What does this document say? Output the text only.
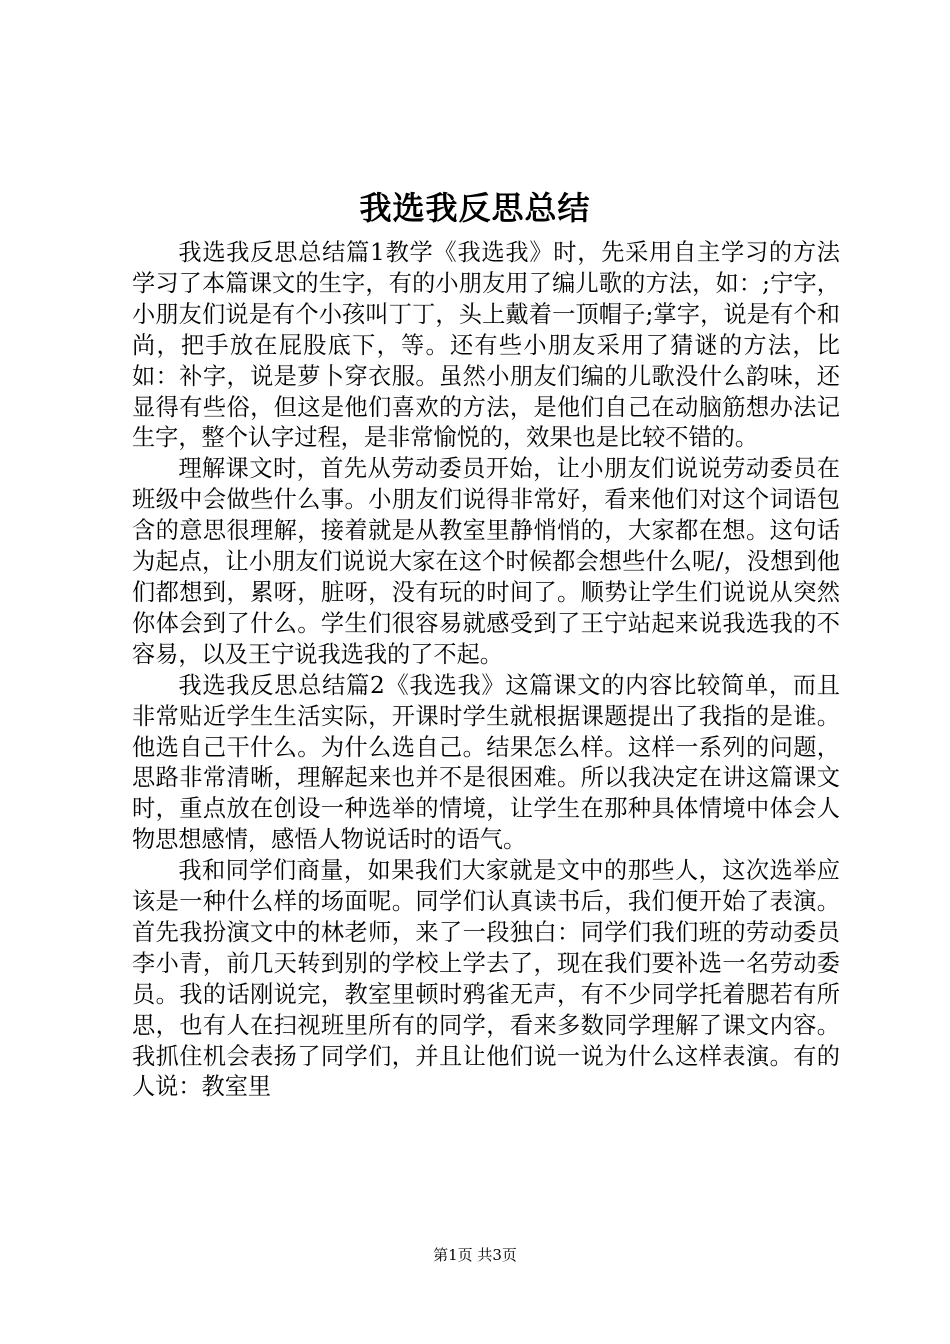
我选我反思总结

我选我反思总结篇1教学《我选我》时，先采用自主学习的方法学习了本篇课文的生字，有的小朋友用了编儿歌的方法，如：;宁字，小朋友们说是有个小孩叫丁丁，头上戴着一顶帽子;掌字，说是有个和尚，把手放在屁股底下，等。还有些小朋友采用了猜谜的方法，比如：补字，说是萝卜穿衣服。虽然小朋友们编的儿歌没什么韵味，还显得有些俗，但这是他们喜欢的方法，是他们自己在动脑筋想办法记生字，整个认字过程，是非常愉悦的，效果也是比较不错的。

理解课文时，首先从劳动委员开始，让小朋友们说说劳动委员在班级中会做些什么事。小朋友们说得非常好，看来他们对这个词语包含的意思很理解，接着就是从教室里静悄悄的，大家都在想。这句话为起点，让小朋友们说说大家在这个时候都会想些什么呢/，没想到他们都想到，累呀，脏呀，没有玩的时间了。顺势让学生们说说从突然你体会到了什么。学生们很容易就感受到了王宁站起来说我选我的不容易，以及王宁说我选我的了不起。

我选我反思总结篇2《我选我》这篇课文的内容比较简单，而且非常贴近学生生活实际，开课时学生就根据课题提出了我指的是谁。他选自己干什么。为什么选自己。结果怎么样。这样一系列的问题，思路非常清晰，理解起来也并不是很困难。所以我决定在讲这篇课文时，重点放在创设一种选举的情境，让学生在那种具体情境中体会人物思想感情，感悟人物说话时的语气。

我和同学们商量，如果我们大家就是文中的那些人，这次选举应该是一种什么样的场面呢。同学们认真读书后，我们便开始了表演。首先我扮演文中的林老师，来了一段独白：同学们我们班的劳动委员李小青，前几天转到别的学校上学去了，现在我们要补选一名劳动委员。我的话刚说完，教室里顿时鸦雀无声，有不少同学托着腮若有所思，也有人在扫视班里所有的同学，看来多数同学理解了课文内容。我抓住机会表扬了同学们，并且让他们说一说为什么这样表演。有的人说：教室里

第1页 共3页
